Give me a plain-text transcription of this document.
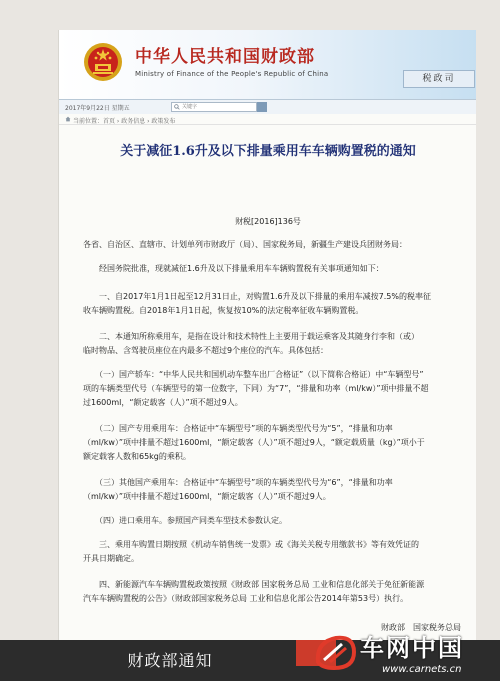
中华人民共和国财政部
Ministry of Finance of the People's Republic of China	税政司
2017年9月22日 星期五
关键字
当前位置：首页 › 政务信息 › 政策发布
关于减征1.6升及以下排量乘用车车辆购置税的通知
财税[2016]136号

各省、自治区、直辖市、计划单列市财政厅（局）、国家税务局，新疆生产建设兵团财务局：

　　经国务院批准，现就减征1.6升及以下排量乘用车车辆购置税有关事项通知如下：

　　一、自2017年1月1日起至12月31日止，对购置1.6升及以下排量的乘用车减按7.5%的税率征

收车辆购置税。自2018年1月1日起，恢复按10%的法定税率征收车辆购置税。

　　二、本通知所称乘用车，是指在设计和技术特性上主要用于载运乘客及其随身行李和（或）

临时物品、含驾驶员座位在内最多不超过9个座位的汽车。具体包括：

　　（一）国产轿车：“中华人民共和国机动车整车出厂合格证”（以下简称合格证）中“车辆型号”

项的车辆类型代号（车辆型号的第一位数字，下同）为“7”，“排量和功率（ml/kw）”项中排量不超

过1600ml，“额定载客（人）”项不超过9人。

　　（二）国产专用乘用车：合格证中“车辆型号”项的车辆类型代号为“5”，“排量和功率

（ml/kw）”项中排量不超过1600ml，“额定载客（人）”项不超过9人，“额定载质量（kg）”项小于

额定载客人数和65kg的乘积。

　　（三）其他国产乘用车：合格证中“车辆型号”项的车辆类型代号为“6”，“排量和功率

（ml/kw）”项中排量不超过1600ml，“额定载客（人）”项不超过9人。

　　（四）进口乘用车。参照国产同类车型技术参数认定。

　　三、乘用车购置日期按照《机动车销售统一发票》或《海关关税专用缴款书》等有效凭证的

开具日期确定。

　　四、新能源汽车车辆购置税政策按照《财政部 国家税务总局 工业和信息化部关于免征新能源

汽车车辆购置税的公告》（财政部国家税务总局 工业和信息化部公告2014年第53号）执行。

财政部　国家税务总局
财政部通知	车网中国
www.carnets.cn
